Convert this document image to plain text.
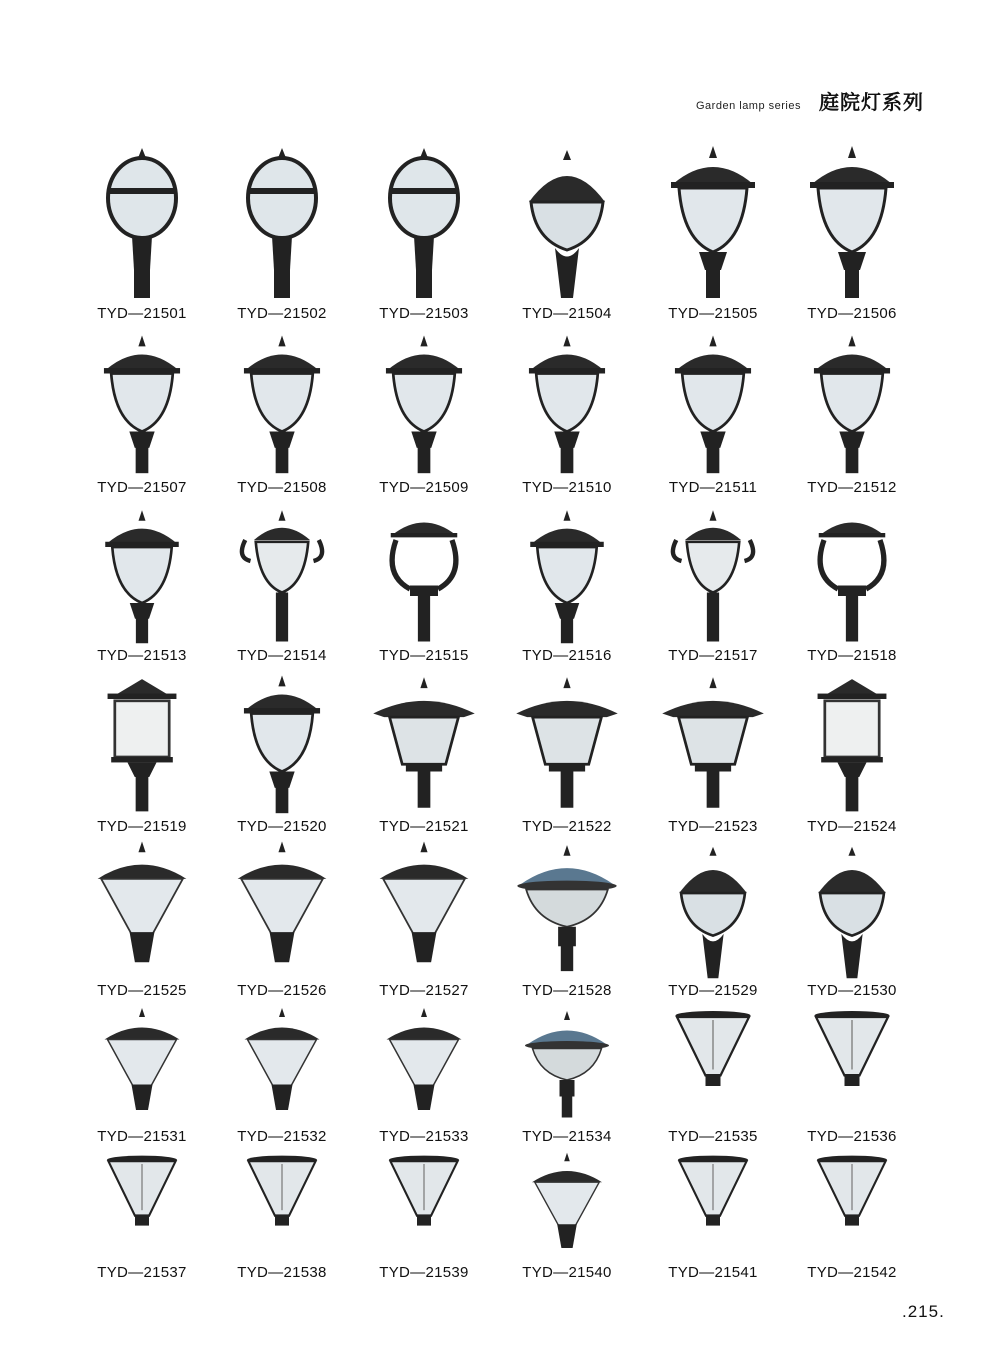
Garden lamp series 庭院灯系列
TYD—21501	TYD—21502	TYD—21503	TYD—21504	TYD—21505	TYD—21506
TYD—21507	TYD—21508	TYD—21509	TYD—21510	TYD—21511	TYD—21512
TYD—21513	TYD—21514	TYD—21515	TYD—21516	TYD—21517	TYD—21518
TYD—21519	TYD—21520	TYD—21521	TYD—21522	TYD—21523	TYD—21524
TYD—21525	TYD—21526	TYD—21527	TYD—21528	TYD—21529	TYD—21530
TYD—21531	TYD—21532	TYD—21533	TYD—21534	TYD—21535	TYD—21536
TYD—21537	TYD—21538	TYD—21539	TYD—21540	TYD—21541	TYD—21542
.215.
